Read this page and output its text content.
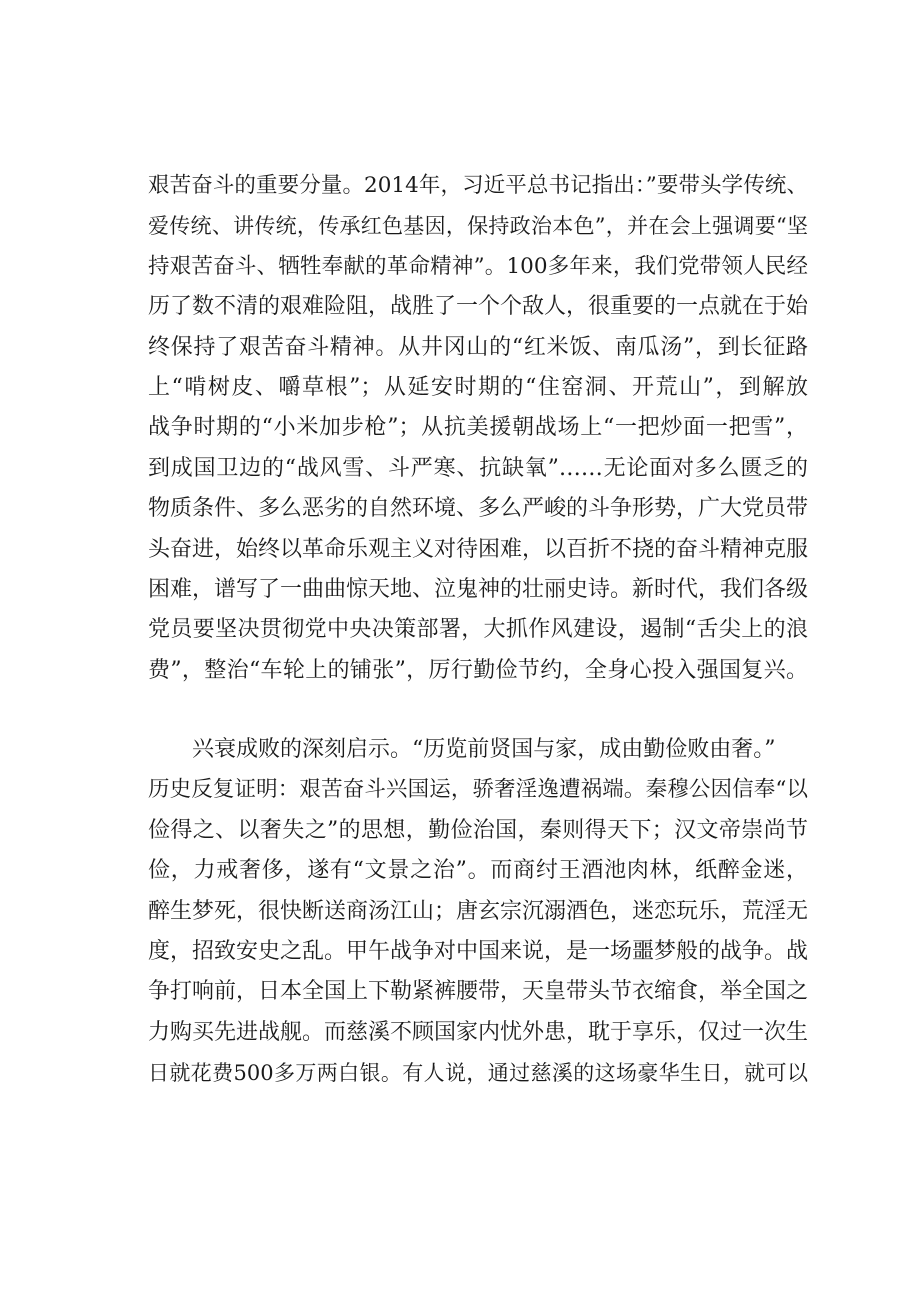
艰苦奋斗的重要分量。2014年，习近平总书记指出：”要带头学传统、
爱传统、讲传统，传承红色基因，保持政治本色”，并在会上强调要“坚
持艰苦奋斗、牺牲奉献的革命精神”。100多年来，我们党带领人民经
历了数不清的艰难险阻，战胜了一个个敌人，很重要的一点就在于始
终保持了艰苦奋斗精神。从井冈山的“红米饭、南瓜汤”，到长征路
上“啃树皮、嚼草根”；从延安时期的“住窑洞、开荒山”，到解放
战争时期的“小米加步枪”；从抗美援朝战场上“一把炒面一把雪”，
到成国卫边的“战风雪、斗严寒、抗缺氧”……无论面对多么匮乏的
物质条件、多么恶劣的自然环境、多么严峻的斗争形势，广大党员带
头奋进，始终以革命乐观主义对待困难，以百折不挠的奋斗精神克服
困难，谱写了一曲曲惊天地、泣鬼神的壮丽史诗。新时代，我们各级
党员要坚决贯彻党中央决策部署，大抓作风建设，遏制“舌尖上的浪
费”，整治“车轮上的铺张”，厉行勤俭节约，全身心投入强国复兴。
兴衰成败的深刻启示。“历览前贤国与家，成由勤俭败由奢。”
历史反复证明：艰苦奋斗兴国运，骄奢淫逸遭祸端。秦穆公因信奉“以
俭得之、以奢失之”的思想，勤俭治国，秦则得天下；汉文帝崇尚节
俭，力戒奢侈，遂有“文景之治”。而商纣王酒池肉林，纸醉金迷，
醉生梦死，很快断送商汤江山；唐玄宗沉溺酒色，迷恋玩乐，荒淫无
度，招致安史之乱。甲午战争对中国来说，是一场噩梦般的战争。战
争打响前，日本全国上下勒紧裤腰带，天皇带头节衣缩食，举全国之
力购买先进战舰。而慈溪不顾国家内忧外患，耽于享乐，仅过一次生
日就花费500多万两白银。有人说，通过慈溪的这场豪华生日，就可以
